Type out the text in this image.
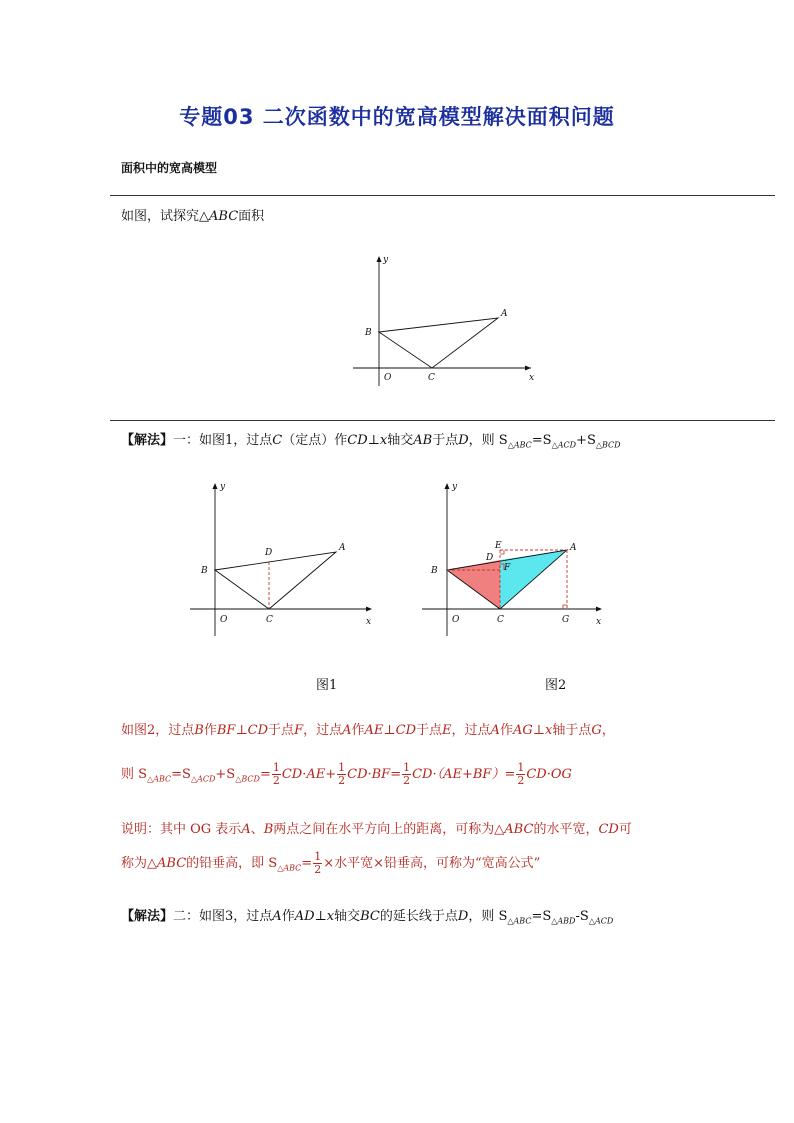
专题03 二次函数中的宽高模型解决面积问题
面积中的宽高模型
如图，试探究△ABC面积
y
x
O
B
A
C
【解法】一：如图1，过点C（定点）作CD⊥x轴交AB于点D，则 $S_{\triangle ABC}=S_{\triangle ACD}+S_{\triangle BCD}$
y
x
O
B
A
C
D
y
x
O
B
A
C
D
E
F
G
图1	图2
如图2，过点B作BF⊥CD于点F，过点A作AE⊥CD于点E，过点A作AG⊥x轴于点G，
则 $S_{\triangle ABC}=S_{\triangle ACD}+S_{\triangle BCD}= \frac{1}{2} CD\cdot AE+ \frac{1}{2} CD\cdot BF= \frac{1}{2} CD\cdot(AE+BF)= \frac{1}{2} CD\cdot OG$
说明：其中 OG 表示A、B两点之间在水平方向上的距离，可称为△ABC的水平宽，CD可
称为△ABC的铅垂高，即 $S_{\triangle ABC}= \frac{1}{2}$ ×水平宽×铅垂高，可称为“宽高公式”
【解法】二：如图3，过点A作AD⊥x轴交BC的延长线于点D，则 $S_{\triangle ABC}=S_{\triangle ABD}-S_{\triangle ACD}$
